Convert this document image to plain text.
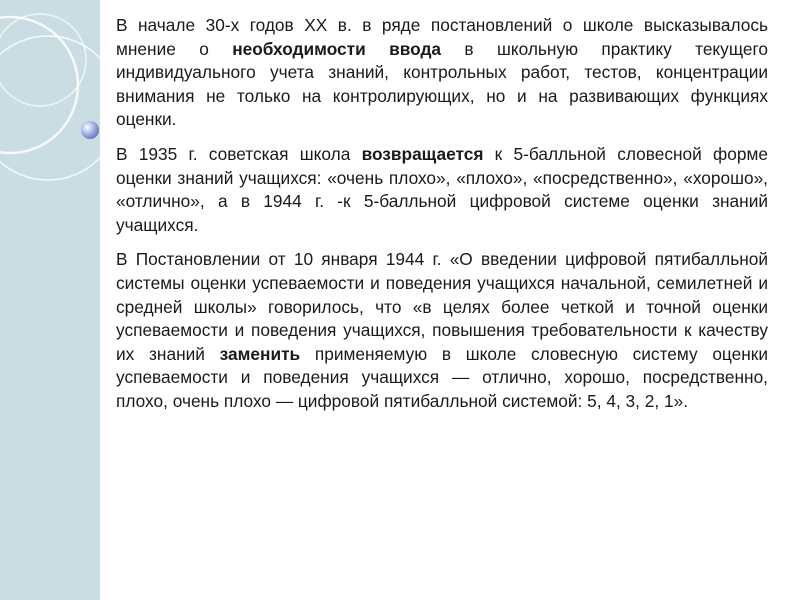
В начале 30-х годов XX в. в ряде постановлений о школе высказывалось мнение о необходимости ввода в школьную практику текущего индивидуального учета знаний, контрольных работ, тестов, концентрации внимания не только на контролирующих, но и на развивающих функциях оценки.

В 1935 г. советская школа возвращается к 5-балльной словесной форме оценки знаний учащихся: «очень плохо», «плохо», «посредственно», «хорошо», «отлично», а в 1944 г. -к 5-балльной цифровой системе оценки знаний учащихся.

В Постановлении от 10 января 1944 г. «О введении цифровой пятибалльной системы оценки успеваемости и поведения учащихся начальной, семилетней и средней школы» говорилось, что «в целях более четкой и точной оценки успеваемости и поведения учащихся, повышения требовательности к качеству их знаний заменить применяемую в школе словесную систему оценки успеваемости и поведения учащихся — отлично, хорошо, посредственно, плохо, очень плохо — цифровой пятибалльной системой: 5, 4, 3, 2, 1».
